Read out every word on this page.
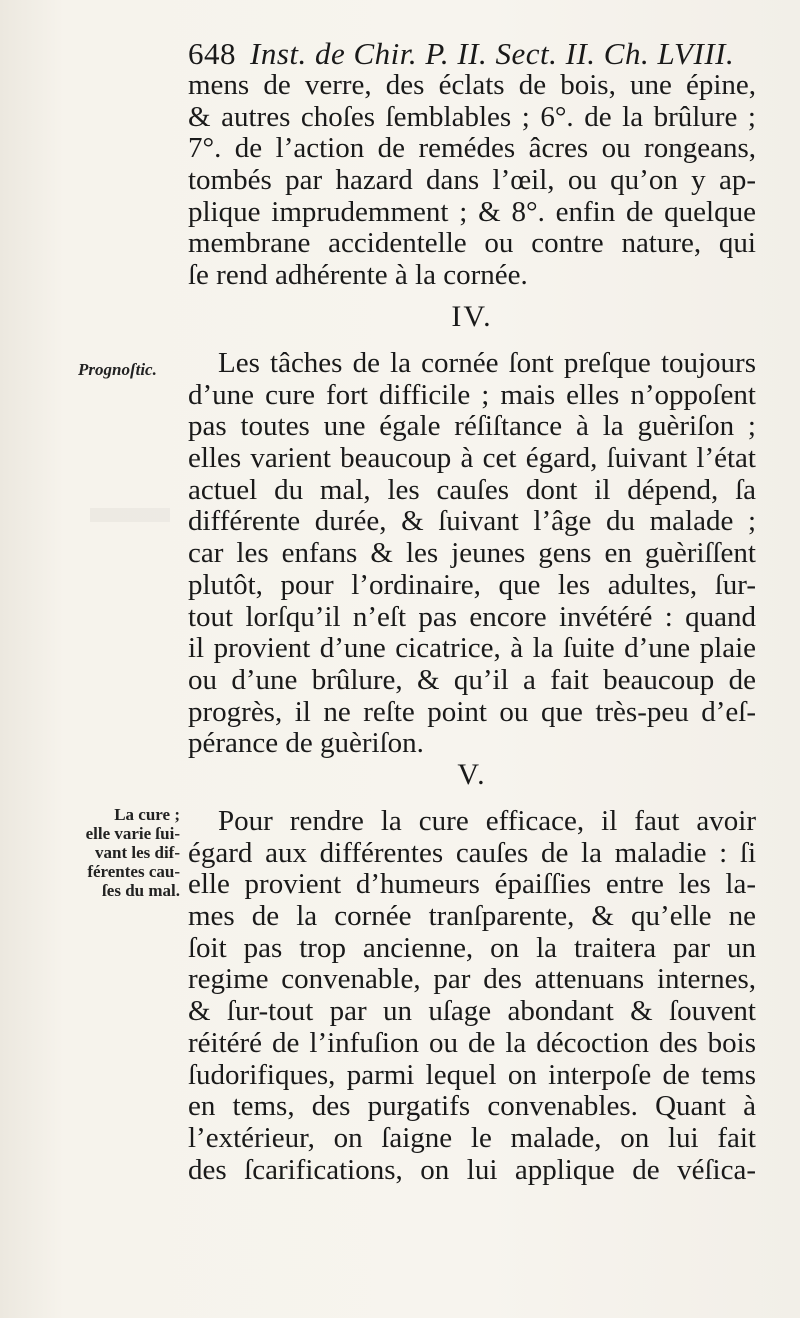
648 Inst. de Chir. P. II. Sect. II. Ch. LVIII.
mens de verre, des éclats de bois, une épine,
& autres choſes ſemblables ; 6°. de la brûlure ;
7°. de l’action de remédes âcres ou rongeans,
tombés par hazard dans l’œil, ou qu’on y ap-
plique imprudemment ; & 8°. enfin de quelque
membrane accidentelle ou contre nature, qui
ſe rend adhérente à la cornée.
IV.
Prognoſtic.	Les tâches de la cornée ſont preſque toujours
d’une cure fort difficile ; mais elles n’oppoſent
pas toutes une égale réſiſtance à la guèriſon ;
elles varient beaucoup à cet égard, ſuivant l’état
actuel du mal, les cauſes dont il dépend, ſa
différente durée, & ſuivant l’âge du malade ;
car les enfans & les jeunes gens en guèriſſent
plutôt, pour l’ordinaire, que les adultes, ſur-
tout lorſqu’il n’eſt pas encore invétéré : quand
il provient d’une cicatrice, à la ſuite d’une plaie
ou d’une brûlure, & qu’il a fait beaucoup de
progrès, il ne reſte point ou que très-peu d’eſ-
pérance de guèriſon.
V.
La cure ;
elle varie ſui-
vant les dif-
férentes cau-
ſes du mal.
Pour rendre la cure efficace, il faut avoir
égard aux différentes cauſes de la maladie : ſi
elle provient d’humeurs épaiſſies entre les la-
mes de la cornée tranſparente, & qu’elle ne
ſoit pas trop ancienne, on la traitera par un
regime convenable, par des attenuans internes,
& ſur-tout par un uſage abondant & ſouvent
réitéré de l’infuſion ou de la décoction des bois
ſudorifiques, parmi lequel on interpoſe de tems
en tems, des purgatifs convenables. Quant à
l’extérieur, on ſaigne le malade, on lui fait
des ſcarifications, on lui applique de véſica-
